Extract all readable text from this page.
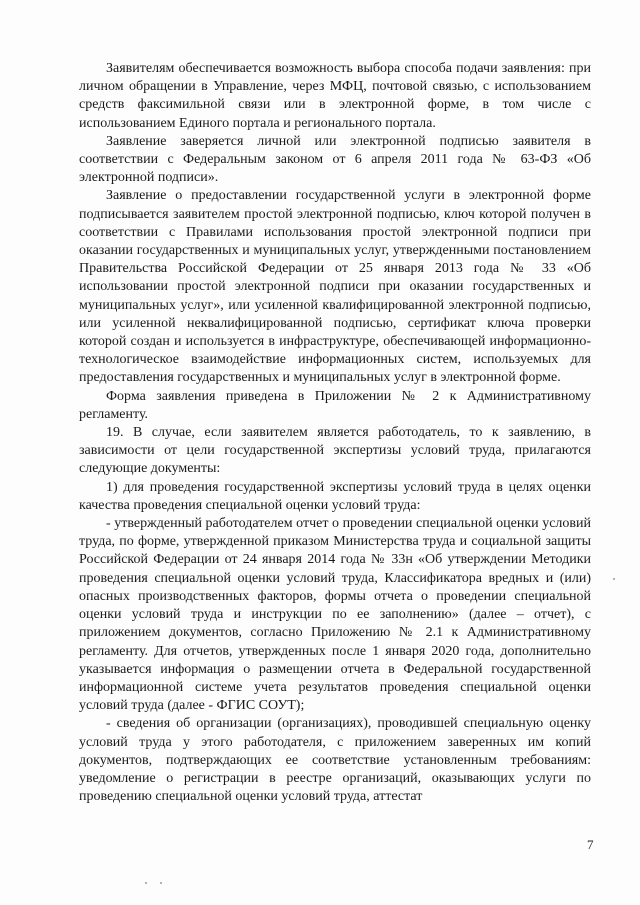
Заявителям обеспечивается возможность выбора способа подачи заявления: при личном обращении в Управление, через МФЦ, почтовой связью, с использованием средств факсимильной связи или в электронной форме, в том числе с использованием Единого портала и регионального портала.

Заявление заверяется личной или электронной подписью заявителя в соответствии с Федеральным законом от 6 апреля 2011 года № 63-ФЗ «Об электронной подписи».

Заявление о предоставлении государственной услуги в электронной форме подписывается заявителем простой электронной подписью, ключ которой получен в соответствии с Правилами использования простой электронной подписи при оказании государственных и муниципальных услуг, утвержденными постановлением Правительства Российской Федерации от 25 января 2013 года № 33 «Об использовании простой электронной подписи при оказании государственных и муниципальных услуг», или усиленной квалифицированной электронной подписью, или усиленной неквалифицированной подписью, сертификат ключа проверки которой создан и используется в инфраструктуре, обеспечивающей информационно-технологическое взаимодействие информационных систем, используемых для предоставления государственных и муниципальных услуг в электронной форме.

Форма заявления приведена в Приложении № 2 к Административному регламенту.

19. В случае, если заявителем является работодатель, то к заявлению, в зависимости от цели государственной экспертизы условий труда, прилагаются следующие документы:

1) для проведения государственной экспертизы условий труда в целях оценки качества проведения специальной оценки условий труда:

- утвержденный работодателем отчет о проведении специальной оценки условий труда, по форме, утвержденной приказом Министерства труда и социальной защиты Российской Федерации от 24 января 2014 года № 33н «Об утверждении Методики проведения специальной оценки условий труда, Классификатора вредных и (или) опасных производственных факторов, формы отчета о проведении специальной оценки условий труда и инструкции по ее заполнению» (далее – отчет), с приложением документов, согласно Приложению № 2.1 к Административному регламенту. Для отчетов, утвержденных после 1 января 2020 года, дополнительно указывается информация о размещении отчета в Федеральной государственной информационной системе учета результатов проведения специальной оценки условий труда (далее - ФГИС СОУТ);

- сведения об организации (организациях), проводившей специальную оценку условий труда у этого работодателя, с приложением заверенных им копий документов, подтверждающих ее соответствие установленным требованиям: уведомление о регистрации в реестре организаций, оказывающих услуги по проведению специальной оценки условий труда, аттестат

7
